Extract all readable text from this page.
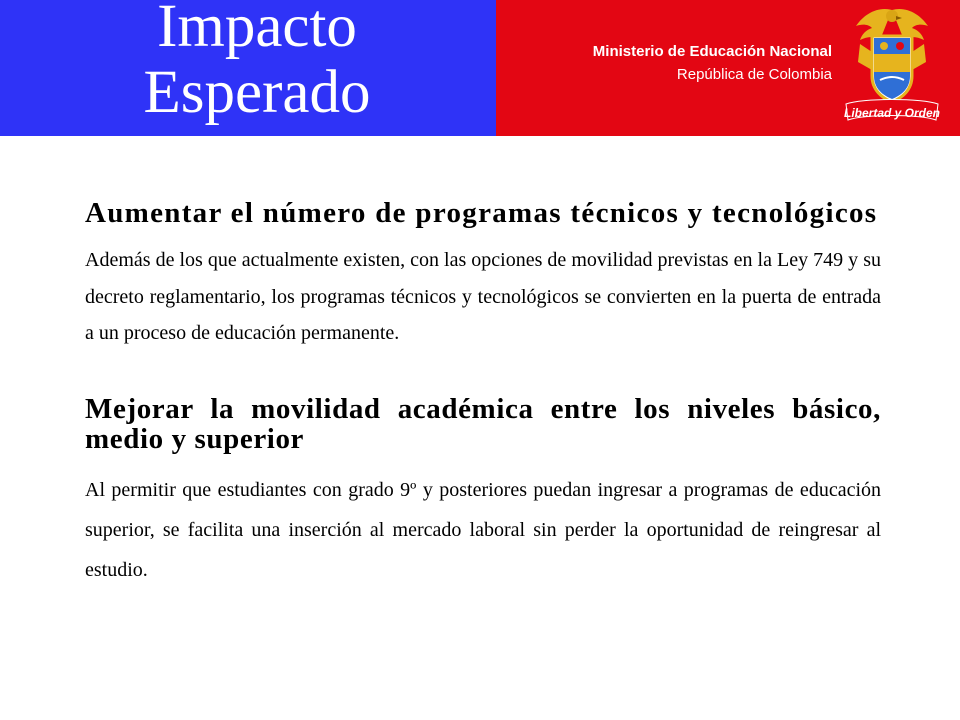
Impacto
Esperado
Ministerio de Educación Nacional
República de Colombia
Libertad y Orden
Aumentar el número de programas técnicos y tecnológicos

Además de los que actualmente existen, con las opciones de movilidad previstas en la Ley 749 y su decreto reglamentario, los programas técnicos y tecnológicos se convierten en la puerta de entrada a un proceso de educación permanente.

Mejorar la movilidad académica entre los niveles básico, medio y superior

Al permitir que estudiantes con grado 9º y posteriores puedan ingresar a programas de educación superior, se facilita una inserción al mercado laboral sin perder la oportunidad de reingresar al estudio.
